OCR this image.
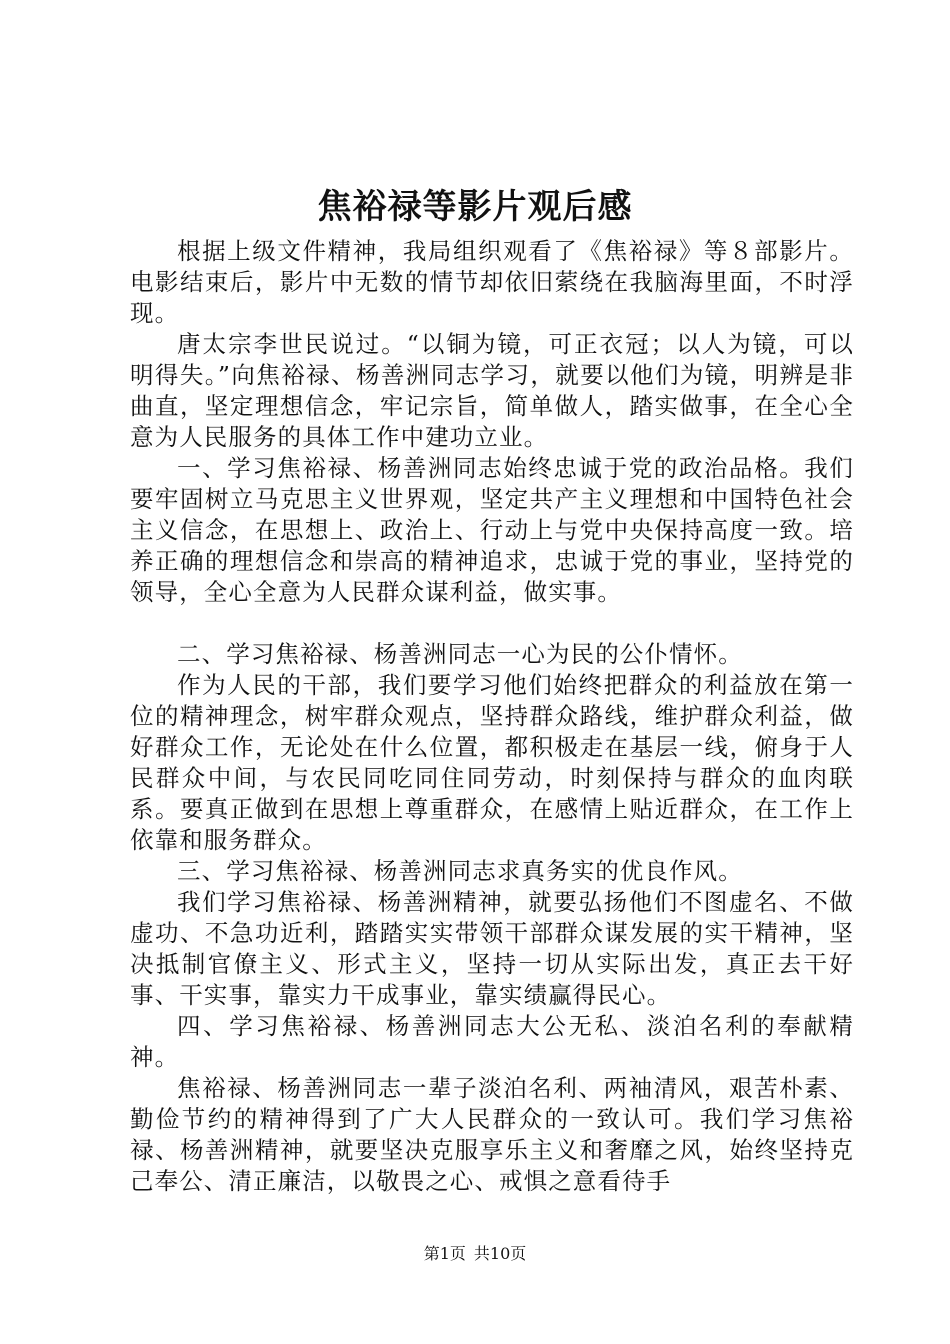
焦裕禄等影片观后感

根据上级文件精神，我局组织观看了《焦裕禄》等８部影片。电影结束后，影片中无数的情节却依旧萦绕在我脑海里面，不时浮现。

唐太宗李世民说过。“以铜为镜，可正衣冠；以人为镜，可以明得失。”向焦裕禄、杨善洲同志学习，就要以他们为镜，明辨是非曲直，坚定理想信念，牢记宗旨，简单做人，踏实做事，在全心全意为人民服务的具体工作中建功立业。

一、学习焦裕禄、杨善洲同志始终忠诚于党的政治品格。我们要牢固树立马克思主义世界观，坚定共产主义理想和中国特色社会主义信念，在思想上、政治上、行动上与党中央保持高度一致。培养正确的理想信念和崇高的精神追求，忠诚于党的事业，坚持党的领导，全心全意为人民群众谋利益，做实事。

二、学习焦裕禄、杨善洲同志一心为民的公仆情怀。

作为人民的干部，我们要学习他们始终把群众的利益放在第一位的精神理念，树牢群众观点，坚持群众路线，维护群众利益，做好群众工作，无论处在什么位置，都积极走在基层一线，俯身于人民群众中间，与农民同吃同住同劳动，时刻保持与群众的血肉联系。要真正做到在思想上尊重群众，在感情上贴近群众，在工作上依靠和服务群众。

三、学习焦裕禄、杨善洲同志求真务实的优良作风。

我们学习焦裕禄、杨善洲精神，就要弘扬他们不图虚名、不做虚功、不急功近利，踏踏实实带领干部群众谋发展的实干精神，坚决抵制官僚主义、形式主义，坚持一切从实际出发，真正去干好事、干实事，靠实力干成事业，靠实绩赢得民心。

四、学习焦裕禄、杨善洲同志大公无私、淡泊名利的奉献精神。

焦裕禄、杨善洲同志一辈子淡泊名利、两袖清风，艰苦朴素、勤俭节约的精神得到了广大人民群众的一致认可。我们学习焦裕禄、杨善洲精神，就要坚决克服享乐主义和奢靡之风，始终坚持克己奉公、清正廉洁，以敬畏之心、戒惧之意看待手

第1页 共10页
